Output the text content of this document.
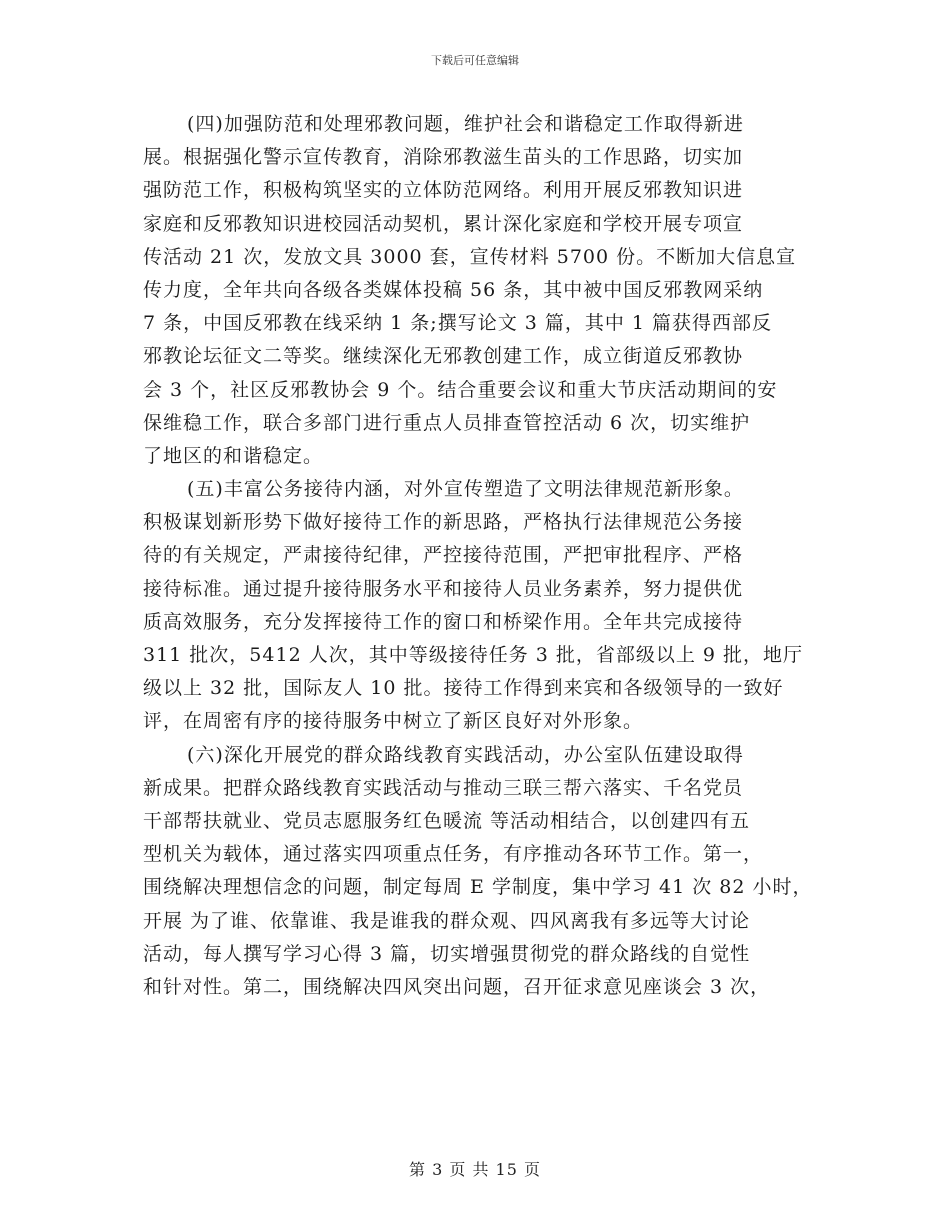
下载后可任意编辑
(四)加强防范和处理邪教问题，维护社会和谐稳定工作取得新进
展。根据强化警示宣传教育，消除邪教滋生苗头的工作思路，切实加
强防范工作，积极构筑坚实的立体防范网络。利用开展反邪教知识进
家庭和反邪教知识进校园活动契机，累计深化家庭和学校开展专项宣
传活动 21 次，发放文具 3000 套，宣传材料 5700 份。不断加大信息宣
传力度，全年共向各级各类媒体投稿 56 条，其中被中国反邪教网采纳
7 条，中国反邪教在线采纳 1 条;撰写论文 3 篇，其中 1 篇获得西部反
邪教论坛征文二等奖。继续深化无邪教创建工作，成立街道反邪教协
会 3 个，社区反邪教协会 9 个。结合重要会议和重大节庆活动期间的安
保维稳工作，联合多部门进行重点人员排查管控活动 6 次，切实维护
了地区的和谐稳定。
(五)丰富公务接待内涵，对外宣传塑造了文明法律规范新形象。
积极谋划新形势下做好接待工作的新思路，严格执行法律规范公务接
待的有关规定，严肃接待纪律，严控接待范围，严把审批程序、严格
接待标准。通过提升接待服务水平和接待人员业务素养，努力提供优
质高效服务，充分发挥接待工作的窗口和桥梁作用。全年共完成接待
311 批次，5412 人次，其中等级接待任务 3 批，省部级以上 9 批，地厅
级以上 32 批，国际友人 10 批。接待工作得到来宾和各级领导的一致好
评，在周密有序的接待服务中树立了新区良好对外形象。
(六)深化开展党的群众路线教育实践活动，办公室队伍建设取得
新成果。把群众路线教育实践活动与推动三联三帮六落实、千名党员
干部帮扶就业、党员志愿服务红色暖流 等活动相结合，以创建四有五
型机关为载体，通过落实四项重点任务，有序推动各环节工作。第一，
围绕解决理想信念的问题，制定每周 E 学制度，集中学习 41 次 82 小时，
开展 为了谁、依靠谁、我是谁我的群众观、四风离我有多远等大讨论
活动，每人撰写学习心得 3 篇，切实增强贯彻党的群众路线的自觉性
和针对性。第二，围绕解决四风突出问题，召开征求意见座谈会 3 次，
第 3 页 共 15 页
